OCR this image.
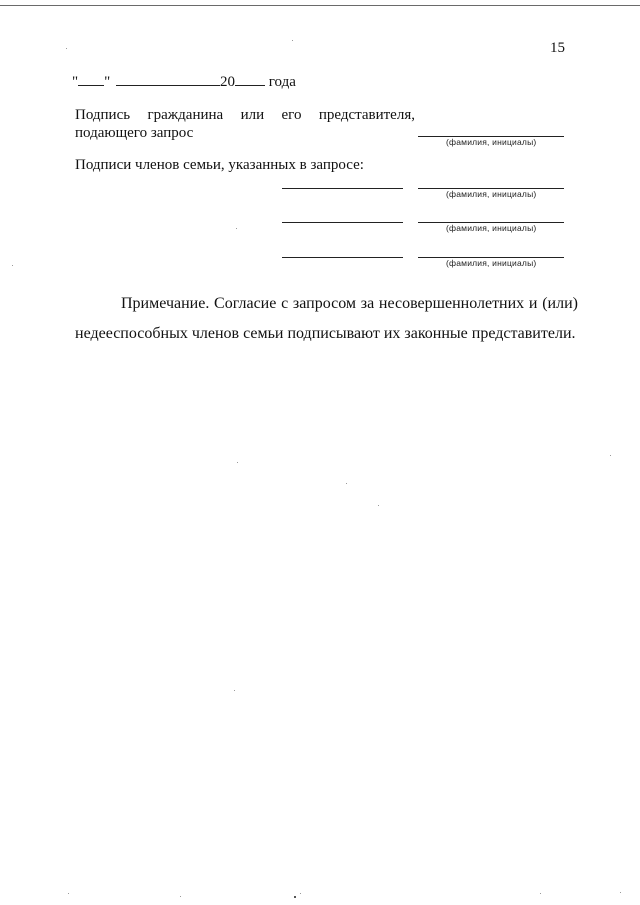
15
" "	20 года
Подпись гражданина или его представителя,
подающего запрос
(фамилия, инициалы)
Подписи членов семьи, указанных в запросе:
(фамилия, инициалы)
(фамилия, инициалы)
(фамилия, инициалы)
Примечание. Согласие с запросом за несовершеннолетних и (или)
недееспособных членов семьи подписывают их законные представители.
